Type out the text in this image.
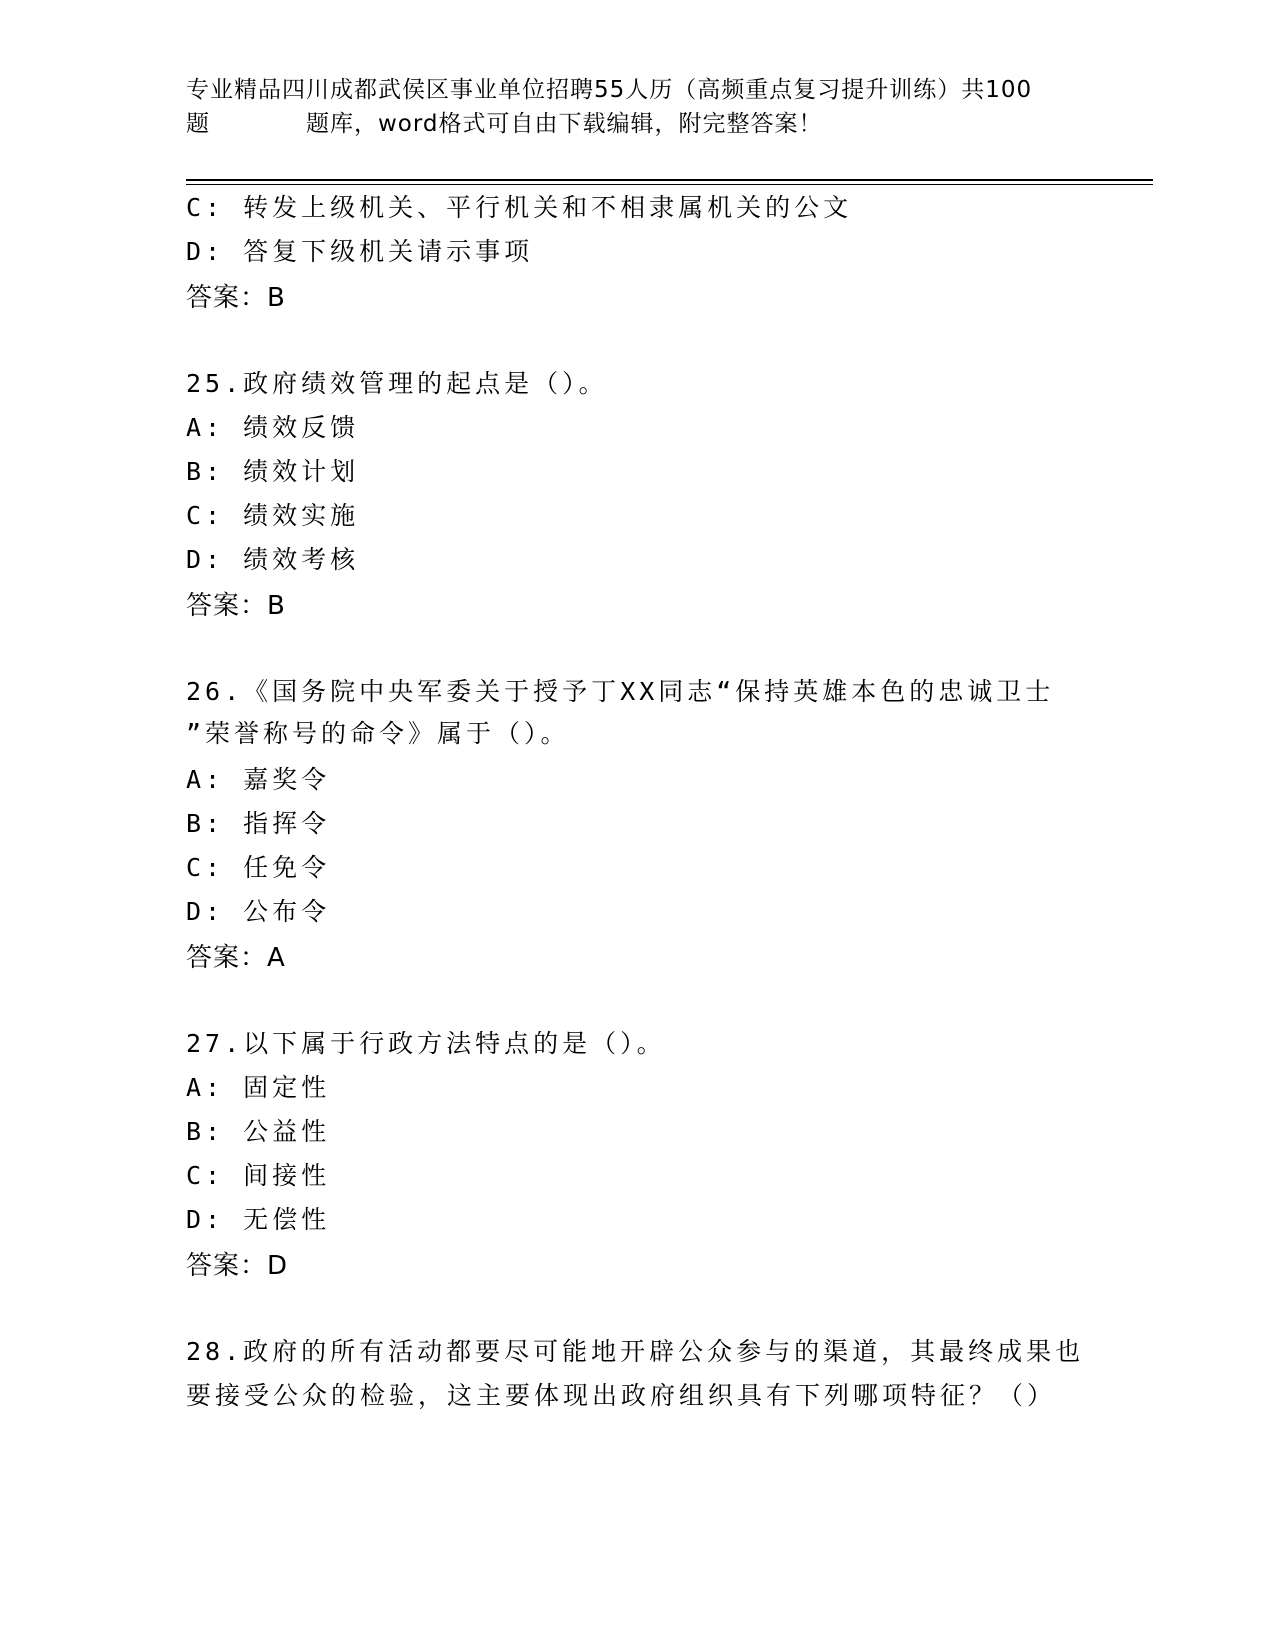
专业精品四川成都武侯区事业单位招聘55人历（高频重点复习提升训练）共100
题	题库，word格式可自由下载编辑，附完整答案！
C: 转发上级机关、平行机关和不相隶属机关的公文
D: 答复下级机关请示事项
答案：B
25.政府绩效管理的起点是（）。
A: 绩效反馈
B: 绩效计划
C: 绩效实施
D: 绩效考核
答案：B
26.《国务院中央军委关于授予丁XX同志“保持英雄本色的忠诚卫士
”荣誉称号的命令》属于（）。
A: 嘉奖令
B: 指挥令
C: 任免令
D: 公布令
答案：A
27.以下属于行政方法特点的是（）。
A: 固定性
B: 公益性
C: 间接性
D: 无偿性
答案：D
28.政府的所有活动都要尽可能地开辟公众参与的渠道，其最终成果也
要接受公众的检验，这主要体现出政府组织具有下列哪项特征？（）
